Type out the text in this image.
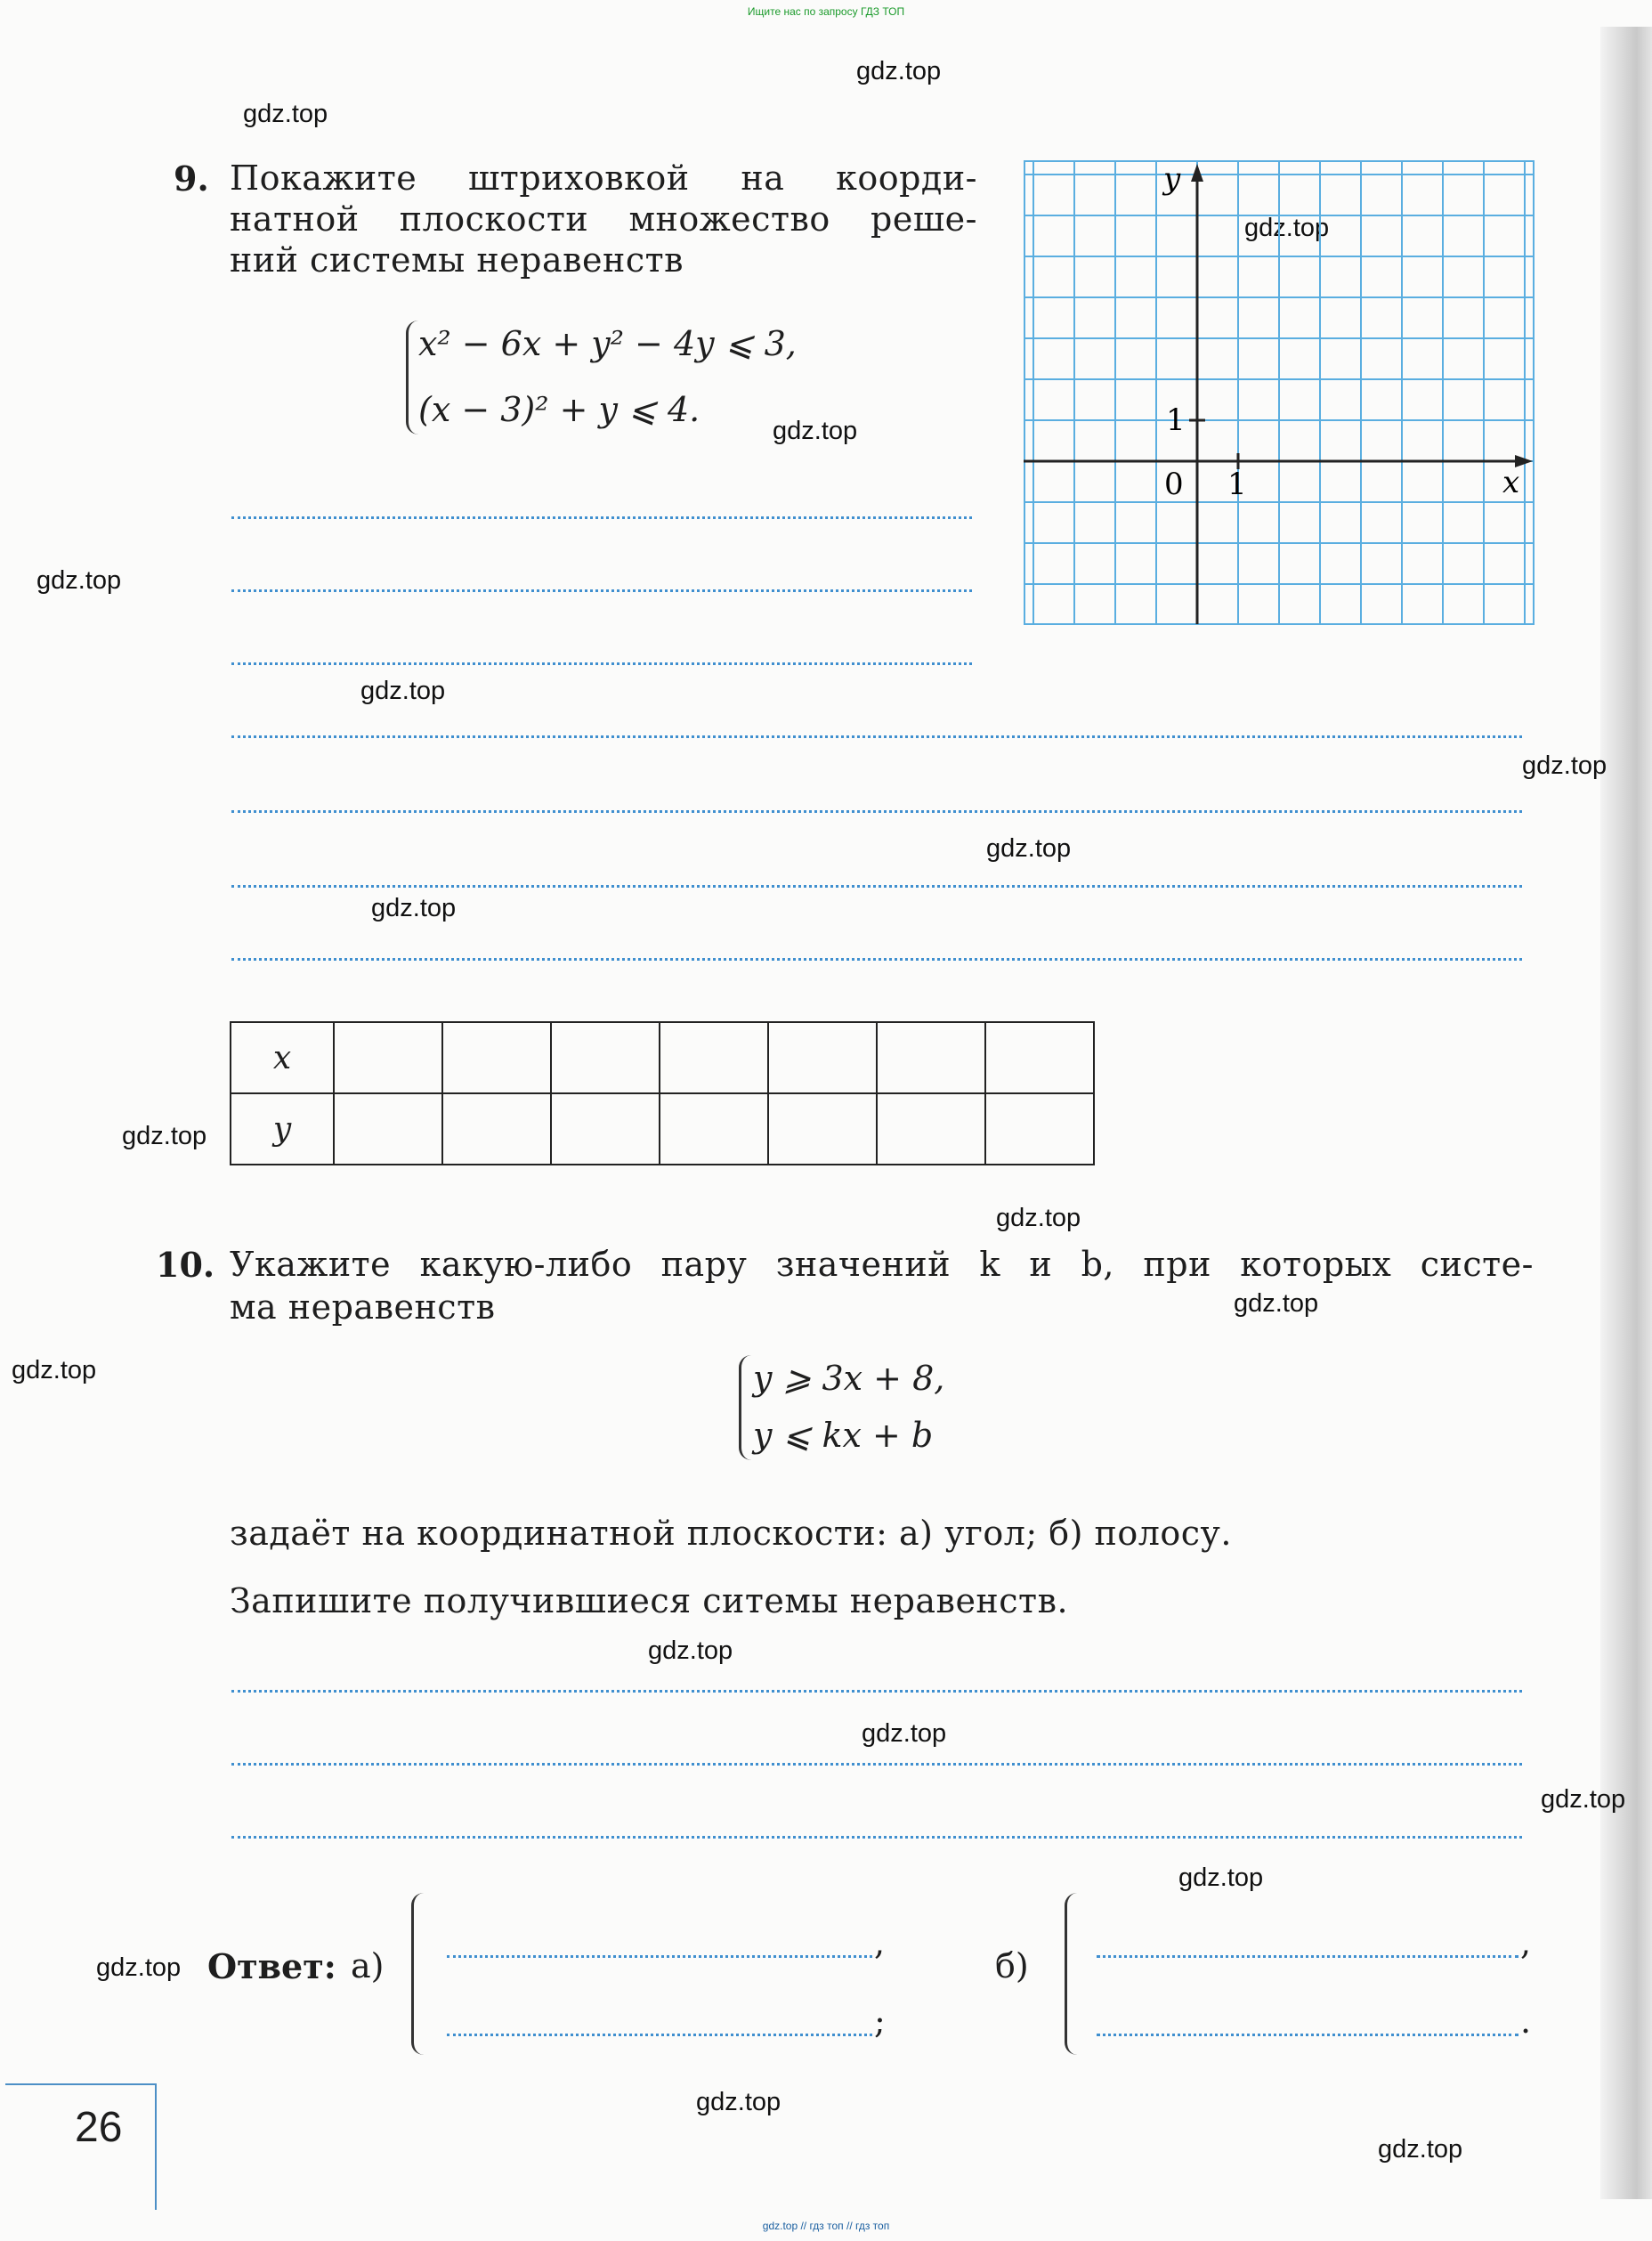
Ищите нас по запросу ГДЗ ТОП
gdz.top
gdz.top
gdz.top
gdz.top
gdz.top
gdz.top
gdz.top
gdz.top
gdz.top
gdz.top
gdz.top
gdz.top
gdz.top
gdz.top
gdz.top
gdz.top
gdz.top
gdz.top
gdz.top
gdz.top
9. Покажите штриховкой на коорди-
натной плоскости множество реше-
ний системы неравенств
x² − 6x + y² − 4y ⩽ 3,
(x − 3)² + y ⩽ 4.
y
x
0 1
1
x							
y							
10. Укажите какую-либо пару значений k и b, при которых систе-
ма неравенств
y ⩾ 3x + 8,
y ⩽ kx + b
задаёт на координатной плоскости: а) угол; б) полосу.
Запишите получившиеся ситемы неравенств.
Ответ: а)
,
;
б)
,
.
26
gdz.top // гдз топ // гдз топ
